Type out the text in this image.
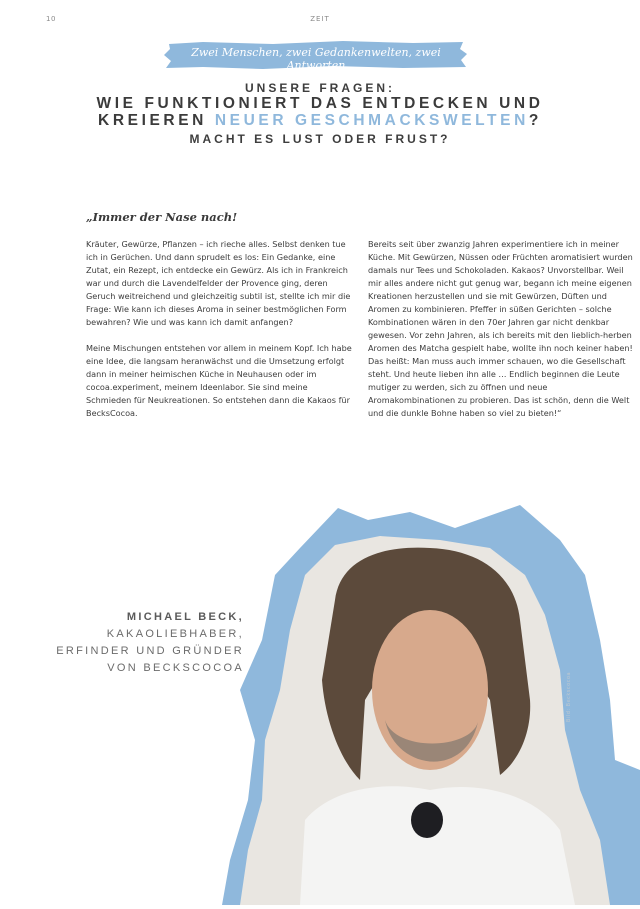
10	ZEIT
Zwei Menschen, zwei Gedankenwelten, zwei Antworten
UNSERE FRAGEN:
WIE FUNKTIONIERT DAS ENTDECKEN UND
KREIEREN NEUER GESCHMACKSWELTEN?
MACHT ES LUST ODER FRUST?
„Immer der Nase nach!

Kräuter, Gewürze, Pflanzen – ich rieche alles. Selbst denken tue ich in Gerüchen. Und dann sprudelt es los: Ein Gedanke, eine Zutat, ein Rezept, ich entdecke ein Gewürz. Als ich in Frankreich war und durch die Lavendelfelder der Provence ging, deren Geruch weitreichend und gleichzeitig subtil ist, stellte ich mir die Frage: Wie kann ich dieses Aroma in seiner bestmöglichen Form bewahren? Wie und was kann ich damit anfangen?

Meine Mischungen entstehen vor allem in meinem Kopf. Ich habe eine Idee, die langsam heranwächst und die Umsetzung erfolgt dann in meiner heimischen Küche in Neuhausen oder im cocoa.experiment, meinem Ideenlabor. Sie sind meine Schmieden für Neukreationen. So entstehen dann die Kakaos für BecksCocoa.

Bereits seit über zwanzig Jahren experimentiere ich in meiner Küche. Mit Gewürzen, Nüssen oder Früchten aromatisiert wurden damals nur Tees und Schokoladen. Kakaos? Unvorstellbar. Weil mir alles andere nicht gut genug war, begann ich meine eigenen Kreationen herzustellen und sie mit Gewürzen, Düften und Aromen zu kombinieren. Pfeffer in süßen Gerichten – solche Kombinationen wären in den 70er Jahren gar nicht denkbar gewesen. Vor zehn Jahren, als ich bereits mit den lieblich-herben Aromen des Matcha gespielt habe, wollte ihn noch keiner haben! Das heißt: Man muss auch immer schauen, wo die Gesellschaft steht. Und heute lieben ihn alle … Endlich beginnen die Leute mutiger zu werden, sich zu öffnen und neue Aromakombinationen zu probieren. Das ist schön, denn die Welt und die dunkle Bohne haben so viel zu bieten!“

Bild: Beckscocoa
MICHAEL BECK,
KAKAOLIEBHABER,
ERFINDER UND GRÜNDER
VON BECKSCOCOA
